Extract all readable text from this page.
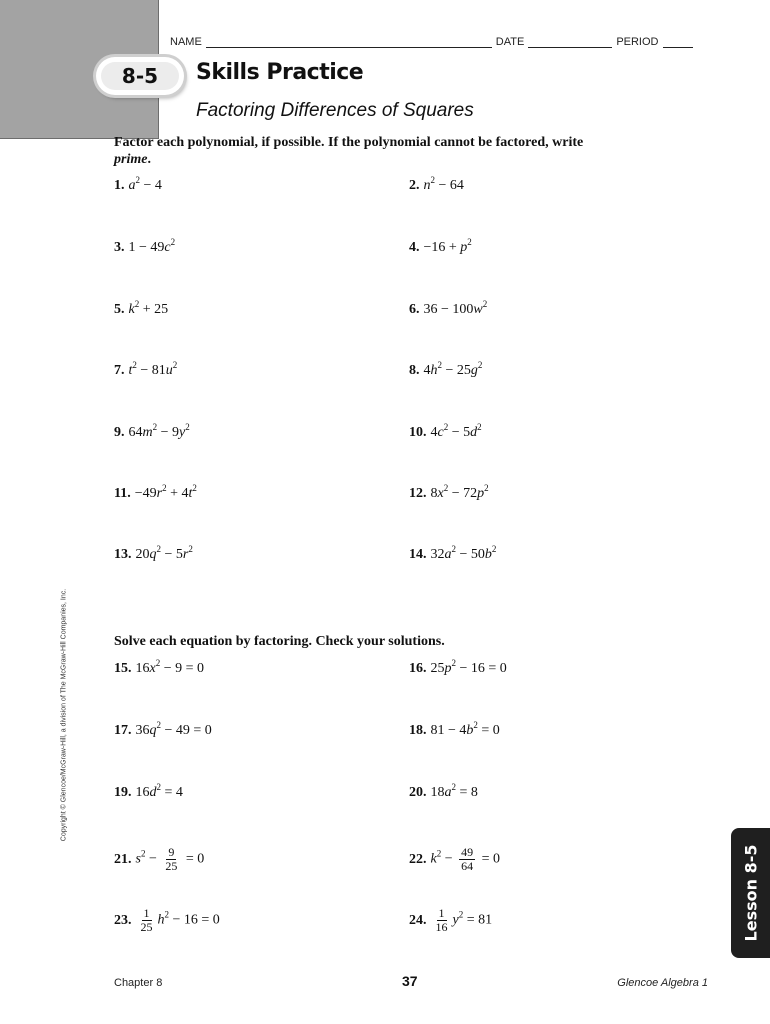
NAME	DATE	PERIOD
8-5	Skills Practice
Factoring Differences of Squares
Factor each polynomial, if possible. If the polynomial cannot be factored, write
prime.
Solve each equation by factoring. Check your solutions.
1. $a^2 - 4$	2. $n^2 - 64$
3. $1 - 49c^2$	4. $-16 + p^2$
5. $k^2 + 25$	6. $36 - 100w^2$
7. $t^2 - 81u^2$	8. $4h^2 - 25g^2$
9. $64m^2 - 9y^2$	10. $4c^2 - 5d^2$
11. $-49r^2 + 4t^2$	12. $8x^2 - 72p^2$
13. $20q^2 - 5r^2$	14. $32a^2 - 50b^2$
15. $16x^2 - 9 = 0$	16. $25p^2 - 16 = 0$
17. $36q^2 - 49 = 0$	18. $81 - 4b^2 = 0$
19. $16d^2 = 4$	20. $18a^2 = 8$
21. $s^2 - \frac{9}{25} = 0$	22. $k^2 - \frac{49}{64} = 0$
23. $\frac{1}{25} h^2 - 16 = 0$	24. $\frac{1}{16} y^2 = 81$
Copyright © Glencoe/McGraw-Hill, a division of The McGraw-Hill Companies, Inc.
Lesson 8-5
Chapter 8	37	Glencoe Algebra 1
